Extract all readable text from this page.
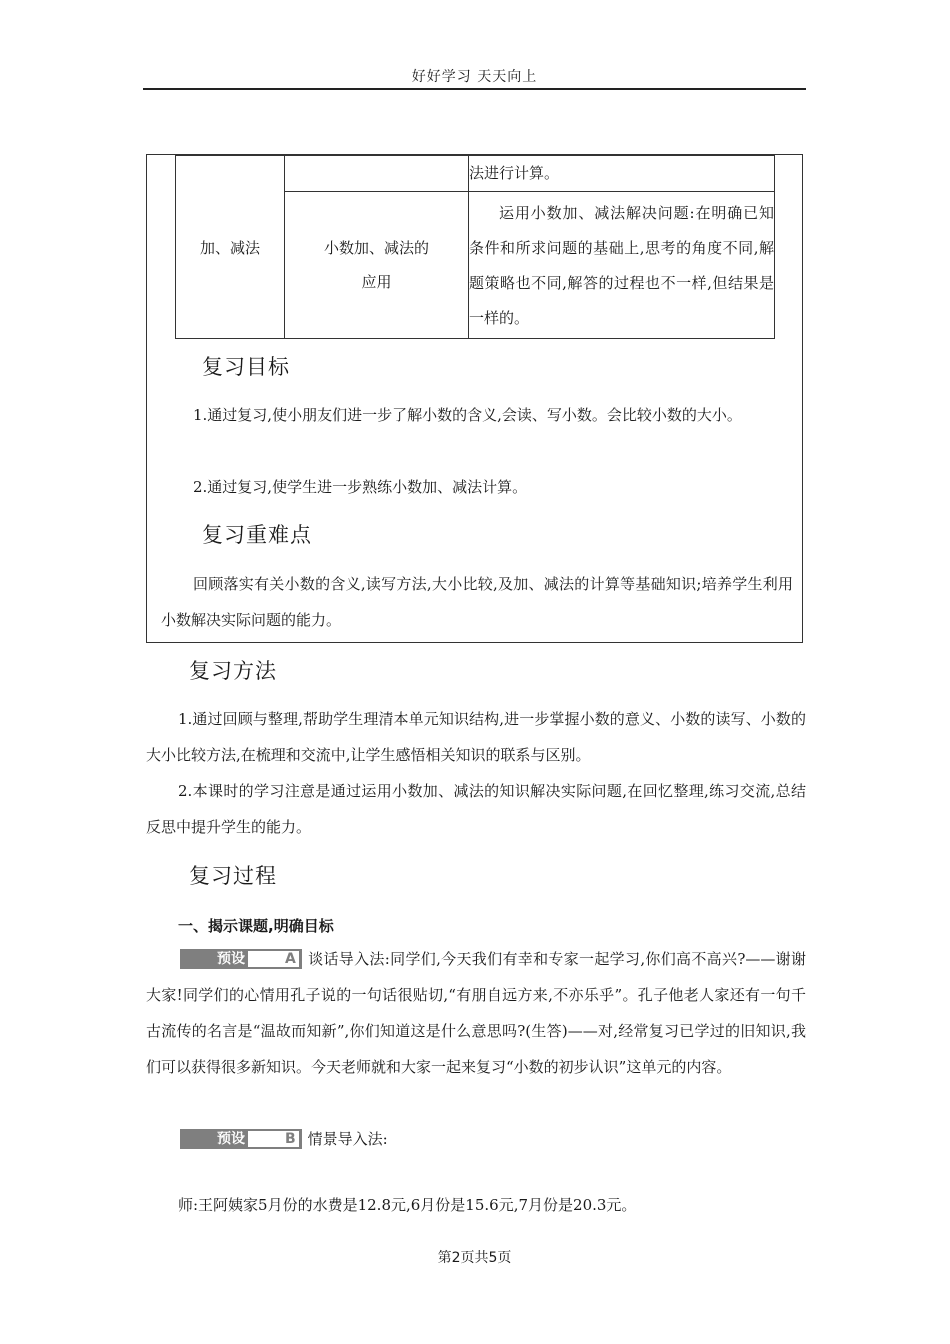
好好学习 天天向上
加、减法		法进行计算。

	小数加、减法的应用	运用小数加、减法解决问题:在明确已知条件和所求问题的基础上,思考的角度不同,解题策略也不同,解答的过程也不一样,但结果是一样的。
复习目标

1.通过复习,使小朋友们进一步了解小数的含义,会读、写小数。会比较小数的大小。

2.通过复习,使学生进一步熟练小数加、减法计算。

复习重难点

回顾落实有关小数的含义,读写方法,大小比较,及加、减法的计算等基础知识;培养学生利用小数解决实际问题的能力。

复习方法

1.通过回顾与整理,帮助学生理清本单元知识结构,进一步掌握小数的意义、小数的读写、小数的大小比较方法,在梳理和交流中,让学生感悟相关知识的联系与区别。

2.本课时的学习注意是通过运用小数加、减法的知识解决实际问题,在回忆整理,练习交流,总结反思中提升学生的能力。

复习过程
一、揭示课题,明确目标

预设	A 谈话导入法:同学们,今天我们有幸和专家一起学习,你们高不高兴?——谢谢大家!同学们的心情用孔子说的一句话很贴切,“有朋自远方来,不亦乐乎”。孔子他老人家还有一句千古流传的名言是“温故而知新”,你们知道这是什么意思吗?(生答)——对,经常复习已学过的旧知识,我们可以获得很多新知识。今天老师就和大家一起来复习“小数的初步认识”这单元的内容。

预设	B 情景导入法:

师:王阿姨家5月份的水费是12.8元,6月份是15.6元,7月份是20.3元。

第2页共5页
